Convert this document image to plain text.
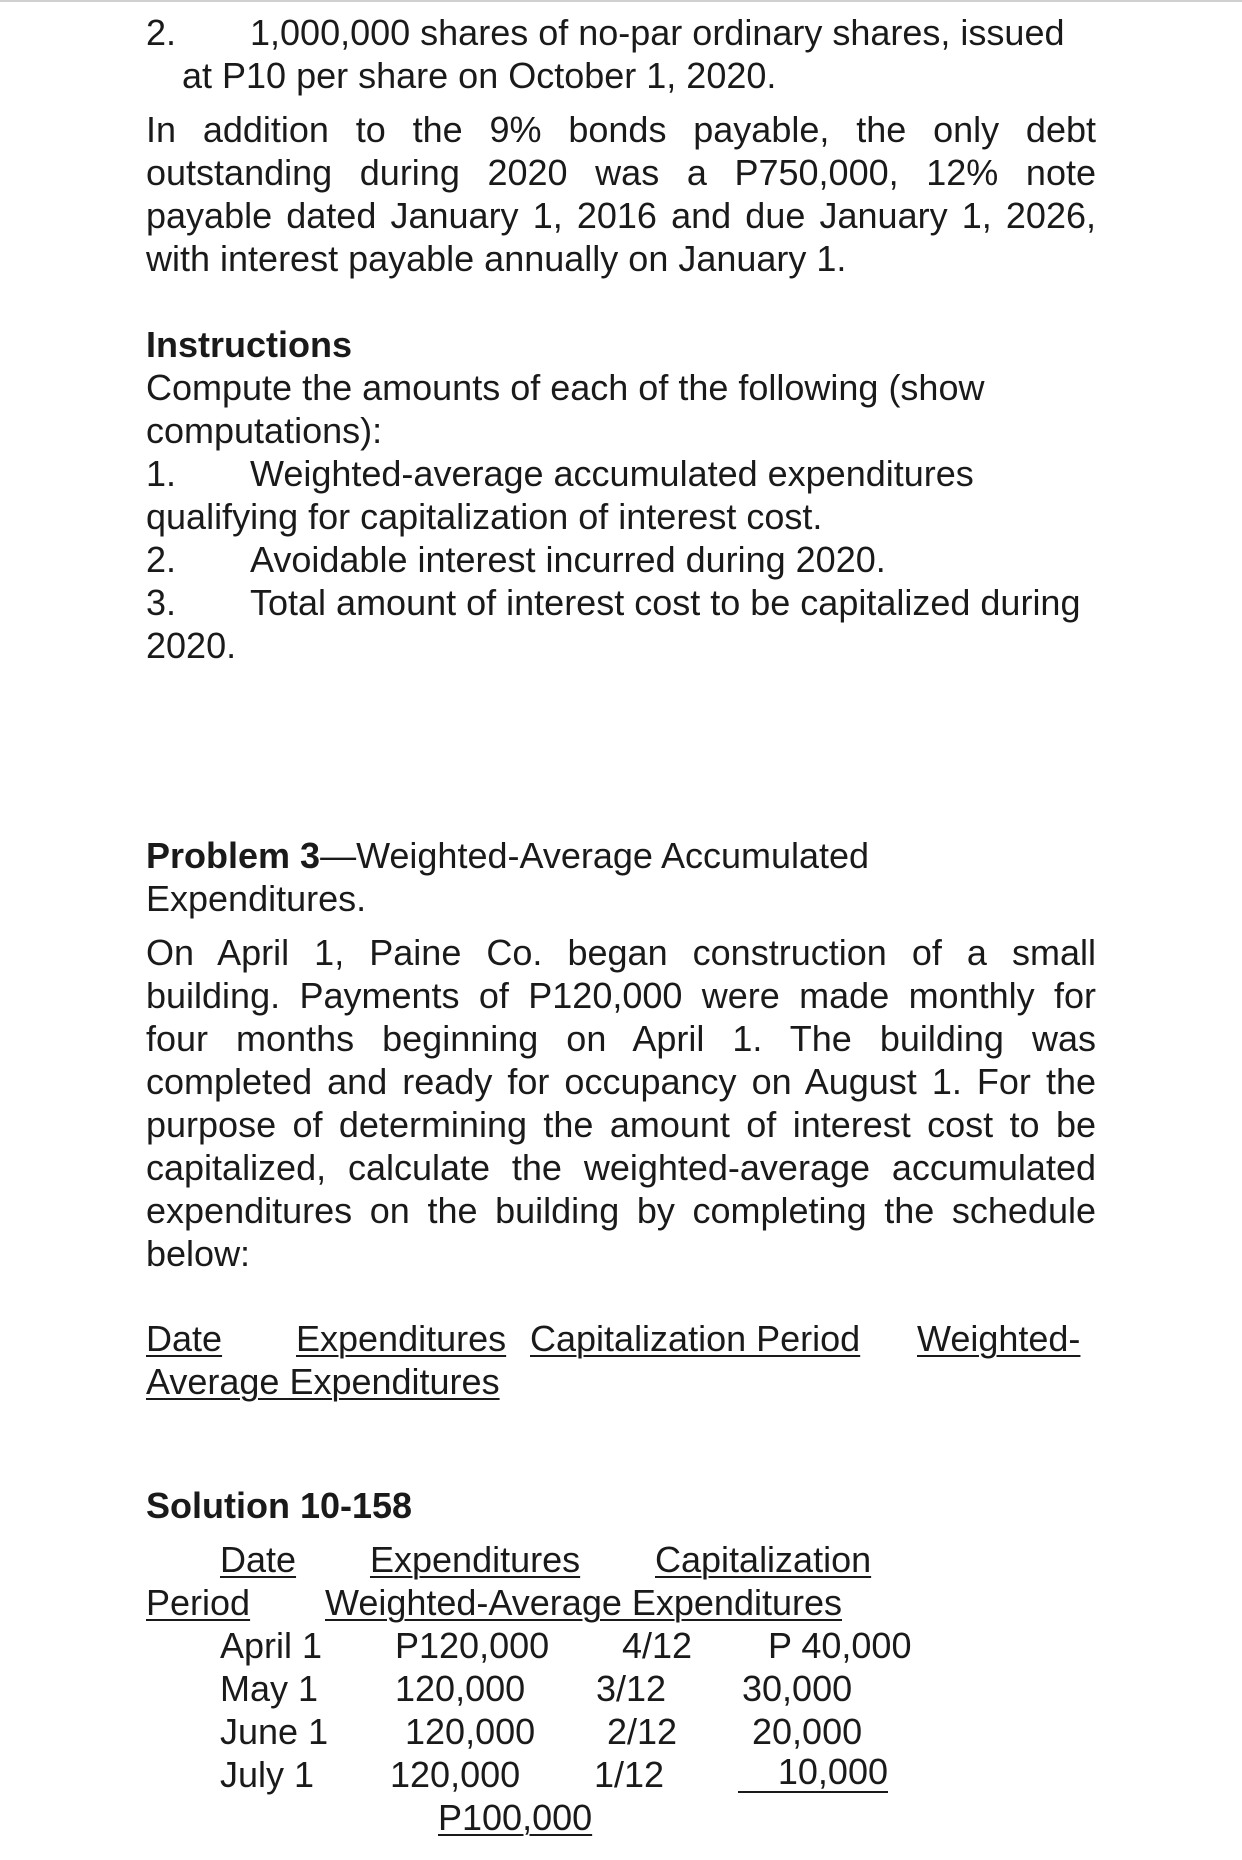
2. 1,000,000 shares of no-par ordinary shares, issued
at P10 per share on October 1, 2020.
In addition to the 9% bonds payable, the only debt
outstanding during 2020 was a P750,000, 12% note
payable dated January 1, 2016 and due January 1, 2026,
with interest payable annually on January 1.
Instructions
Compute the amounts of each of the following (show
computations):
1. Weighted-average accumulated expenditures
qualifying for capitalization of interest cost.
2. Avoidable interest incurred during 2020.
3. Total amount of interest cost to be capitalized during
2020.
Problem 3—Weighted-Average Accumulated
Expenditures.
On April 1, Paine Co. began construction of a small
building. Payments of P120,000 were made monthly for
four months beginning on April 1. The building was
completed and ready for occupancy on August 1. For the
purpose of determining the amount of interest cost to be
capitalized, calculate the weighted-average accumulated
expenditures on the building by completing the schedule
below:
Date Expenditures Capitalization Period	Weighted-
Average Expenditures
Solution 10-158
Date Expenditures Capitalization
Period Weighted-Average Expenditures
April 1 P120,000 4/12 P 40,000
May 1 120,000 3/12 30,000
June 1 120,000 2/12 20,000
July 1 120,000 1/12	10,000
P100,000
